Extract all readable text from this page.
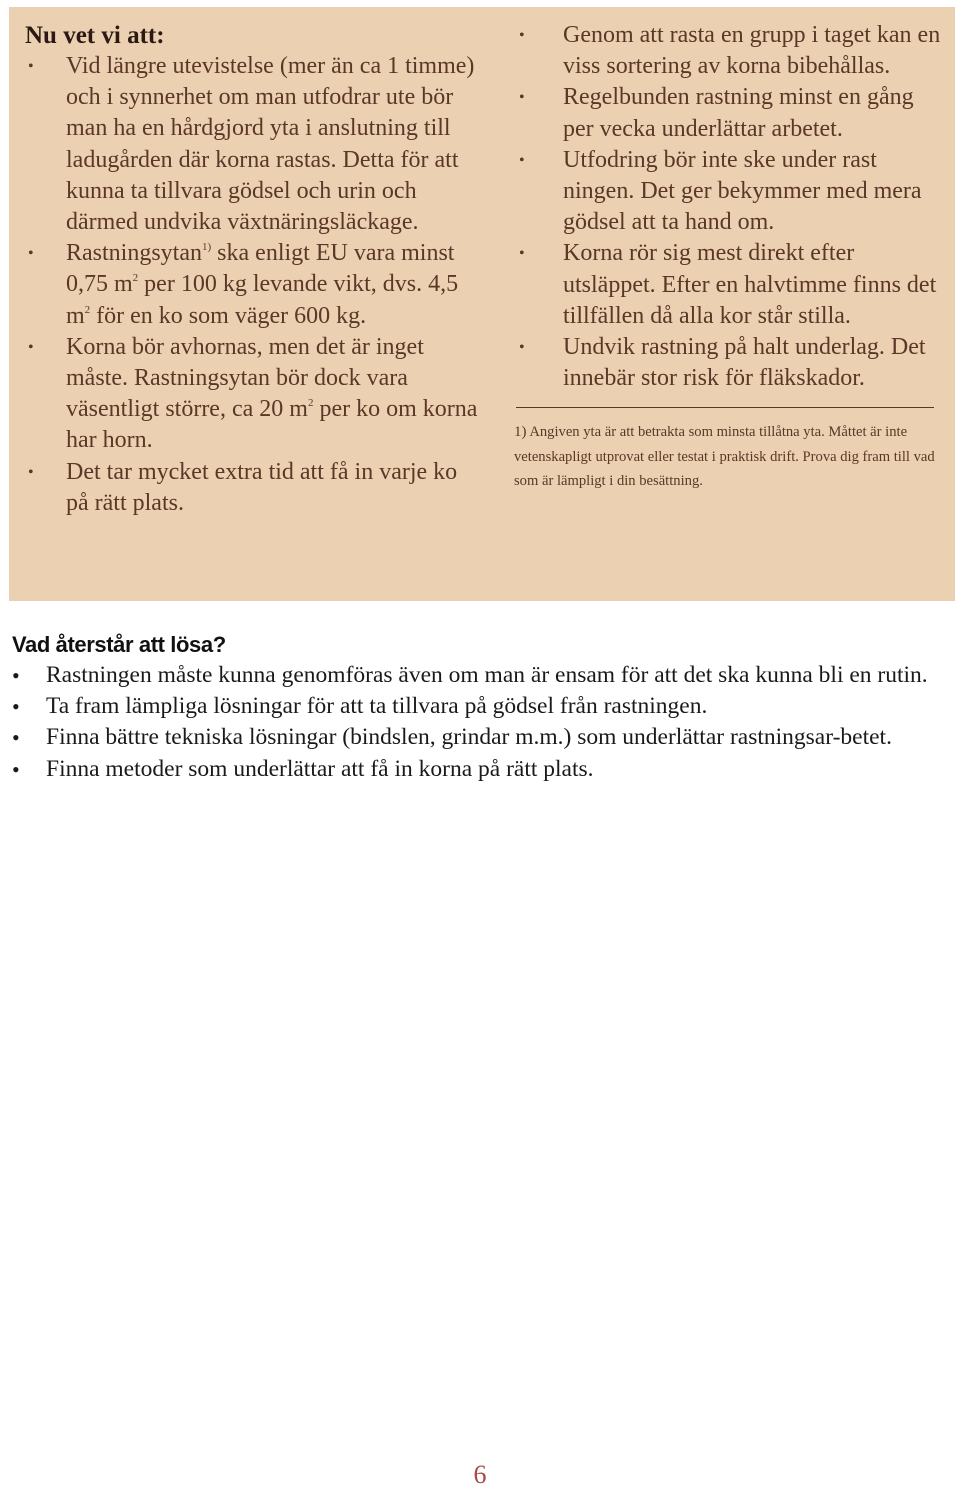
Nu vet vi att:
• Vid längre utevistelse (mer än ca 1 timme) och i synnerhet om man utfodrar ute bör man ha en hårdgjord yta i anslutning till ladugården där korna rastas. Detta för att kunna ta tillvara gödsel och urin och därmed undvika växtnäringsläckage.
• Rastningsytan$^{1)}$ ska enligt EU vara minst 0,75 $m^2$ per 100 kg levande vikt, dvs. 4,5 $m^2$ för en ko som väger 600 kg.
• Korna bör avhornas, men det är inget måste. Rastningsytan bör dock vara väsentligt större, ca 20 $m^2$ per ko om korna har horn.
• Det tar mycket extra tid att få in varje ko på rätt plats.
• Genom att rasta en grupp i taget kan en viss sortering av korna bibehållas.
• Regelbunden rastning minst en gång per vecka underlättar arbetet.
• Utfodring bör inte ske under rast ningen. Det ger bekymmer med mera gödsel att ta hand om.
• Korna rör sig mest direkt efter utsläppet. Efter en halvtimme finns det tillfällen då alla kor står stilla.
• Undvik rastning på halt underlag. Det innebär stor risk för fläkskador.
1) Angiven yta är att betrakta som minsta tillåtna yta. Måttet är inte vetenskapligt utprovat eller testat i praktisk drift. Prova dig fram till vad som är lämpligt i din besättning.
Vad återstår att lösa?
• Rastningen måste kunna genomföras även om man är ensam för att det ska kunna bli en rutin.
• Ta fram lämpliga lösningar för att ta tillvara på gödsel från rastningen.
• Finna bättre tekniska lösningar (bindslen, grindar m.m.) som underlättar rastningsar-betet.
• Finna metoder som underlättar att få in korna på rätt plats.
6
